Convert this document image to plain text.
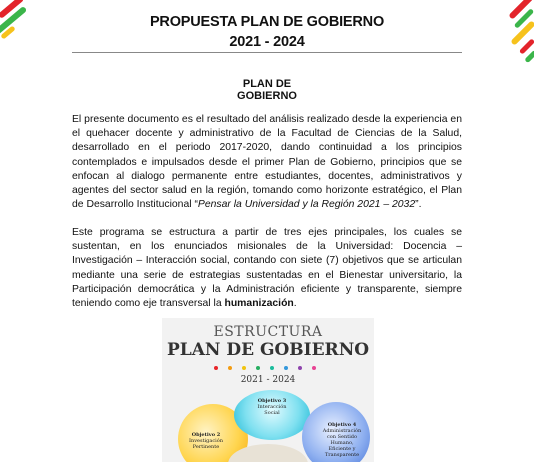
PROPUESTA PLAN DE GOBIERNO
2021 - 2024
PLAN DE
GOBIERNO
El presente documento es el resultado del análisis realizado desde la experiencia en el quehacer docente y administrativo de la Facultad de Ciencias de la Salud, desarrollado en el periodo 2017-2020, dando continuidad a los principios contemplados e impulsados desde el primer Plan de Gobierno, principios que se enfocan al dialogo permanente entre estudiantes, docentes, administrativos y agentes del sector salud en la región, tomando como horizonte estratégico, el Plan de Desarrollo Institucional “Pensar la Universidad y la Región 2021 – 2032”.
Este programa se estructura a partir de tres ejes principales, los cuales se sustentan, en los enunciados misionales de la Universidad: Docencia – Investigación – Interacción social, contando con siete (7) objetivos que se articulan mediante una serie de estrategias sustentadas en el Bienestar universitario, la Participación democrática y la Administración eficiente y transparente, siempre teniendo como eje transversal la humanización.
ESTRUCTURA
PLAN DE GOBIERNO
2021 - 2024
Objetivo 3
Interacción
Social
Objetivo 2
Investigación
Pertinente
Objetivo 4
Administración
con Sentido Humano,
Eficiente y
Transparente
